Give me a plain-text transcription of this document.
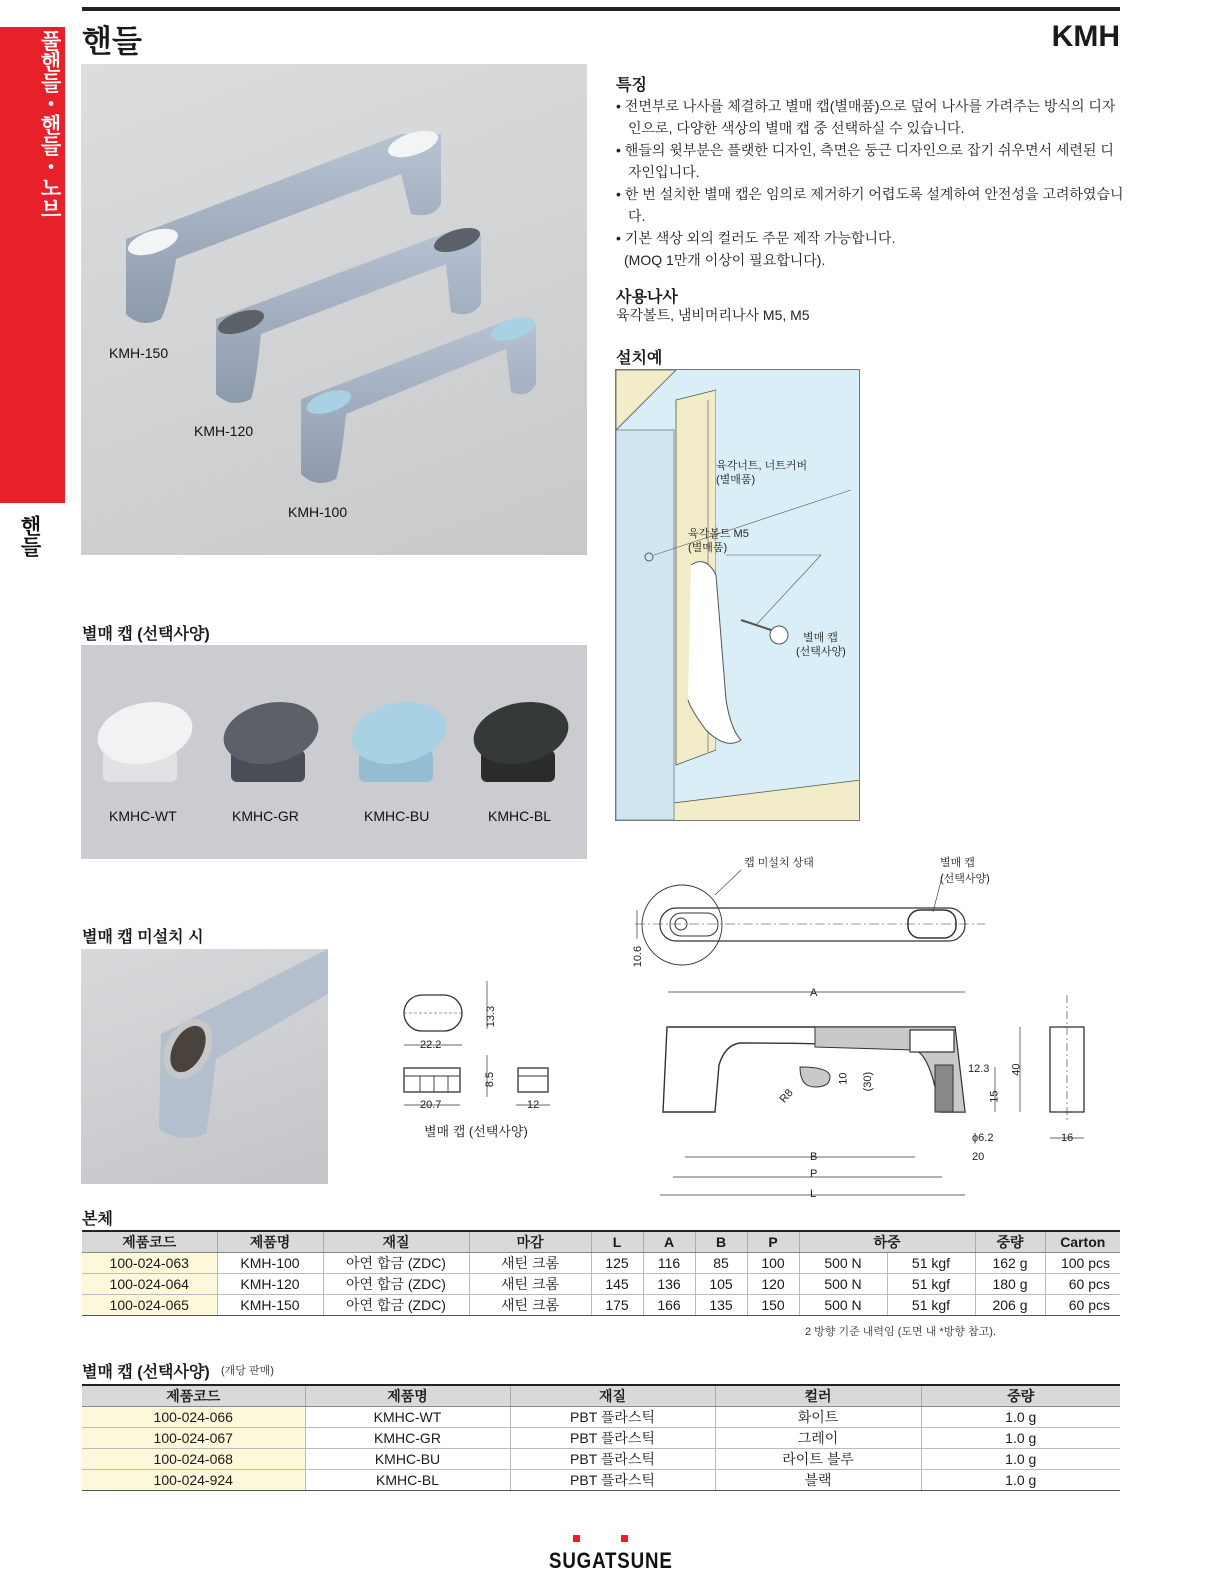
풀핸들・핸들・노브
핸들
핸들	KMH
KMH-150
KMH-120
KMH-100
별매 캡 (선택사양)
KMHC-WT	KMHC-GR	KMHC-BU	KMHC-BL
별매 캡 미설치 시
13.3
22.2
8.5
20.7	12
별매 캡 (선택사양)
특징

• 전면부로 나사를 체결하고 별매 캡(별매품)으로 덮어 나사를 가려주는 방식의 디자인으로, 다양한 색상의 별매 캡 중 선택하실 수 있습니다.

• 핸들의 윗부분은 플랫한 디자인, 측면은 둥근 디자인으로 잡기 쉬우면서 세련된 디자인입니다.

• 한 번 설치한 별매 캡은 임의로 제거하기 어렵도록 설계하여 안전성을 고려하였습니다.

• 기본 색상 외의 컬러도 주문 제작 가능합니다.

(MOQ 1만개 이상이 필요합니다).

사용나사
육각볼트, 냄비머리나사 M5, M5
설치예
육각너트, 너트커버
(별매품)
육각볼트 M5
(별매품)
별매 캡
(선택사양)
캡 미설치 상태	별매 캡
(선택사양)
10.6
A
B
P
L
R8
10 (30)
12.3 40
15
ϕ6.2
20
16
본체
제품코드	제품명	재질	마감	L	A	B	P	하중		중량	Carton
100-024-063	KMH-100	아연 합금 (ZDC)	새틴 크롬	125	116	85	100	500 N	51 kgf	162 g	100 pcs
100-024-064	KMH-120	아연 합금 (ZDC)	새틴 크롬	145	136	105	120	500 N	51 kgf	180 g	60 pcs
100-024-065	KMH-150	아연 합금 (ZDC)	새틴 크롬	175	166	135	150	500 N	51 kgf	206 g	60 pcs
2 방향 기준 내력임 (도면 내 *방향 참고).
별매 캡 (선택사양) (개당 판매)
제품코드	제품명	재질	컬러	중량
100-024-066	KMHC-WT	PBT 플라스틱	화이트	1.0 g
100-024-067	KMHC-GR	PBT 플라스틱	그레이	1.0 g
100-024-068	KMHC-BU	PBT 플라스틱	라이트 블루	1.0 g
100-024-924	KMHC-BL	PBT 플라스틱	블랙	1.0 g
SUGATSUNE
